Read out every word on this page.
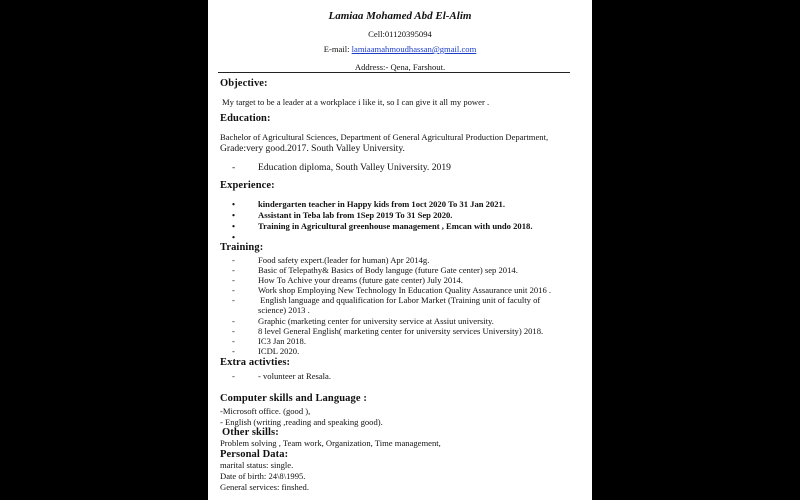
Lamiaa Mohamed Abd El-Alim
Cell:01120395094
E-mail: lamiaamahmoudhassan@gmail.com
Address:- Qena, Farshout.
Objective:
My target to be a leader at a workplace i like it, so I can give it all my power .
Education:
Bachelor of Agricultural Sciences, Department of General Agricultural Production Department,
Grade:very good.2017. South Valley University.
- Education diploma, South Valley University. 2019
Experience:
•	kindergarten teacher in Happy kids from 1oct 2020 To 31 Jan 2021.
•	Assistant in Teba lab from 1Sep 2019 To 31 Sep 2020.
•	Training in Agricultural greenhouse management , Emcan with undo 2018.
•
Training:
-	Food safety expert.(leader for human) Apr 2014g.
-	Basic of Telepathy& Basics of Body languge (future Gate center) sep 2014.
-	How To Achive your dreams (future gate center) July 2014.
-	Work shop Employing New Technology In Education Quality Assaurance unit 2016 .
-	English language and qqualification for Labor Market (Training unit of faculty of
science) 2013 .
-	Graphic (marketing center for university service at Assiut university.
-	8 level General English( marketing center for university services University) 2018.
-	IC3 Jan 2018.
-	ICDL 2020.
Extra activties:
-	- volunteer at Resala.
Computer skills and Language :
-Microsoft office. (good ),
- English (writing ,reading and speaking good).
Other skills:
Problem solving , Team work, Organization, Time management,
Personal Data:
marital status: single.
Date of birth: 24\8\1995.
General services: finshed.
